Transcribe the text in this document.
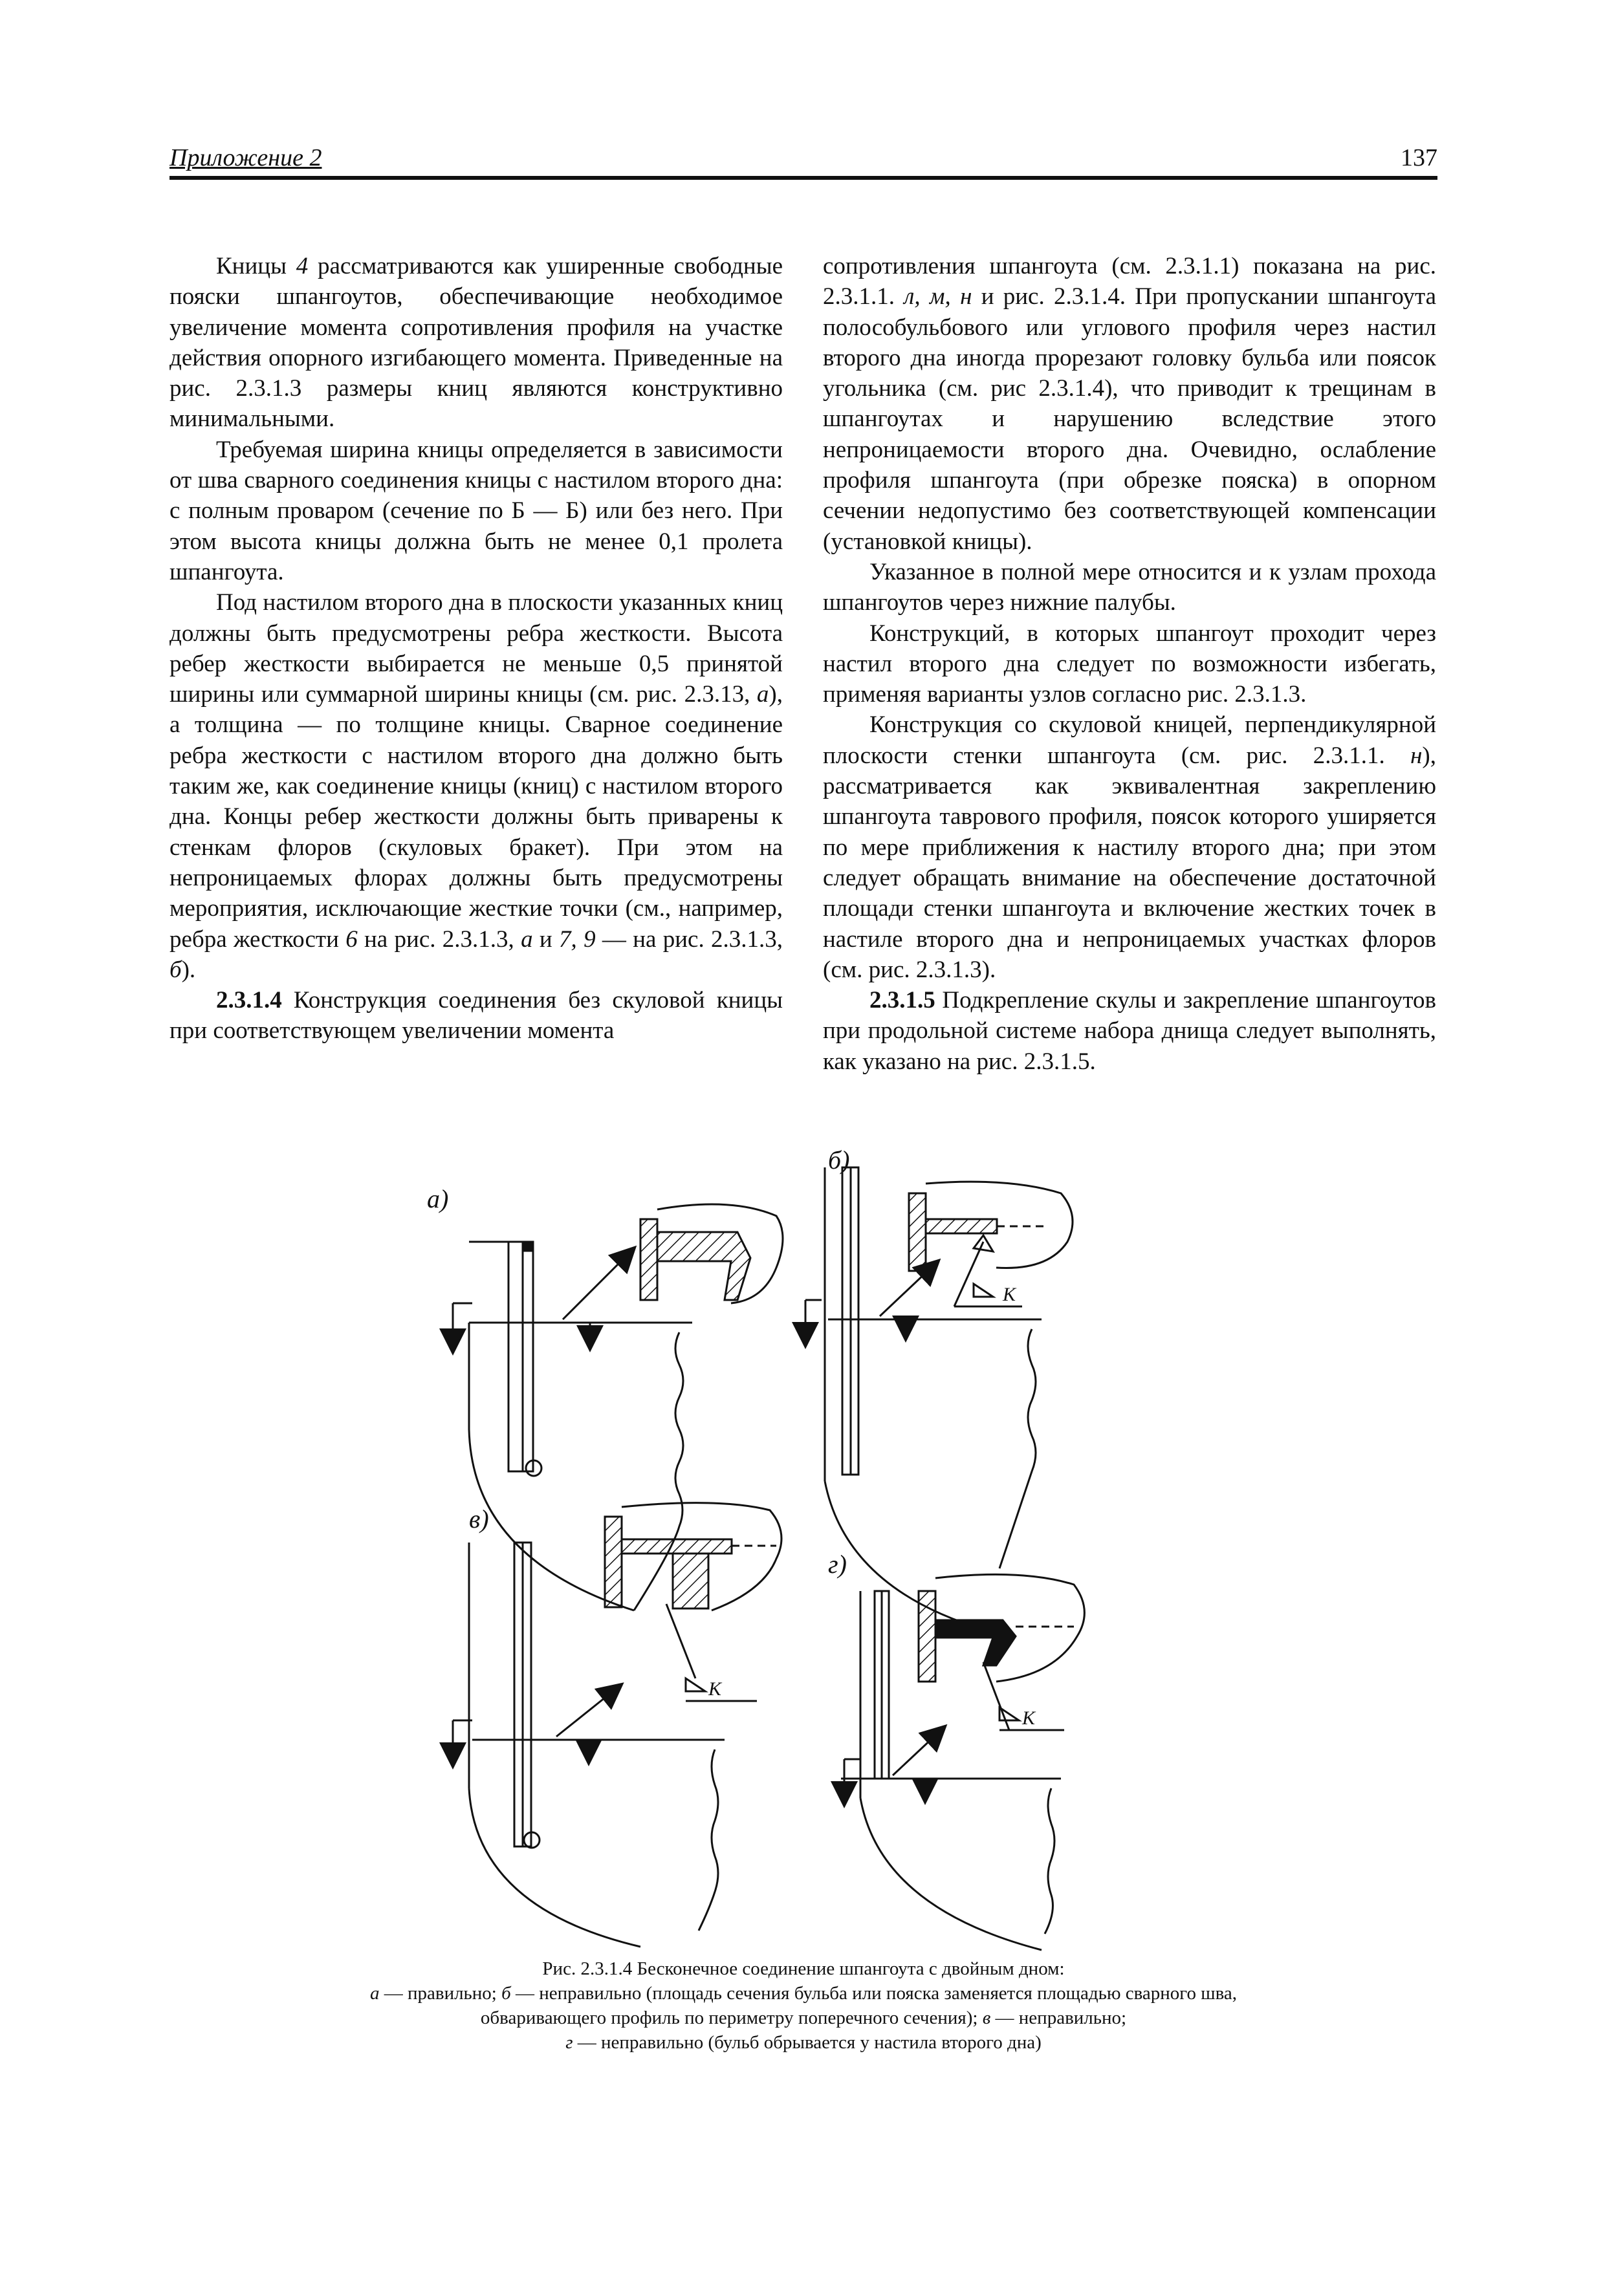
Приложение 2	137

Кницы 4 рассматриваются как уширенные свободные пояски шпангоутов, обеспечивающие необходимое увеличение момента сопротивления профиля на участке действия опорного изгибающего момента. Приведенные на рис. 2.3.1.3 размеры книц являются конструктивно минимальными.

Требуемая ширина кницы определяется в зависимости от шва сварного соединения кницы с настилом второго дна: с полным проваром (сечение по Б — Б) или без него. При этом высота кницы должна быть не менее 0,1 пролета шпангоута.

Под настилом второго дна в плоскости указанных книц должны быть предусмотрены ребра жесткости. Высота ребер жесткости выбирается не меньше 0,5 принятой ширины или суммарной ширины кницы (см. рис. 2.3.13, а), а толщина — по толщине кницы. Сварное соединение ребра жесткости с настилом второго дна должно быть таким же, как соединение кницы (книц) с настилом второго дна. Концы ребер жесткости должны быть приварены к стенкам флоров (скуловых бракет). При этом на непроницаемых флорах должны быть предусмотрены мероприятия, исключающие жесткие точки (см., например, ребра жесткости 6 на рис. 2.3.1.3, а и 7, 9 — на рис. 2.3.1.3, б).

2.3.1.4 Конструкция соединения без скуловой кницы при соответствующем увеличении момента

сопротивления шпангоута (см. 2.3.1.1) показана на рис. 2.3.1.1. л, м, н и рис. 2.3.1.4. При пропускании шпангоута полособульбового или углового профиля через настил второго дна иногда прорезают головку бульба или поясок угольника (см. рис 2.3.1.4), что приводит к трещинам в шпангоутах и нарушению вследствие этого непроницаемости второго дна. Очевидно, ослабление профиля шпангоута (при обрезке пояска) в опорном сечении недопустимо без соответствующей компенсации (установкой кницы).

Указанное в полной мере относится и к узлам прохода шпангоутов через нижние палубы.

Конструкций, в которых шпангоут проходит через настил второго дна следует по возможности избегать, применяя варианты узлов согласно рис. 2.3.1.3.

Конструкция со скуловой кницей, перпендикулярной плоскости стенки шпангоута (см. рис. 2.3.1.1. н), рассматривается как эквивалентная закреплению шпангоута таврового профиля, поясок которого уширяется по мере приближения к настилу второго дна; при этом следует обращать внимание на обеспечение достаточной площади стенки шпангоута и включение жестких точек в настиле второго дна и непроницаемых участках флоров (см. рис. 2.3.1.3).

2.3.1.5 Подкрепление скулы и закрепление шпангоутов при продольной системе набора днища следует выполнять, как указано на рис. 2.3.1.5.

а)
б)
в)
г)
К
К
К
Рис. 2.3.1.4 Бесконечное соединение шпангоута с двойным дном:
а — правильно; б — неправильно (площадь сечения бульба или пояска заменяется площадью сварного шва,
обваривающего профиль по периметру поперечного сечения); в — неправильно;
г — неправильно (бульб обрывается у настила второго дна)
